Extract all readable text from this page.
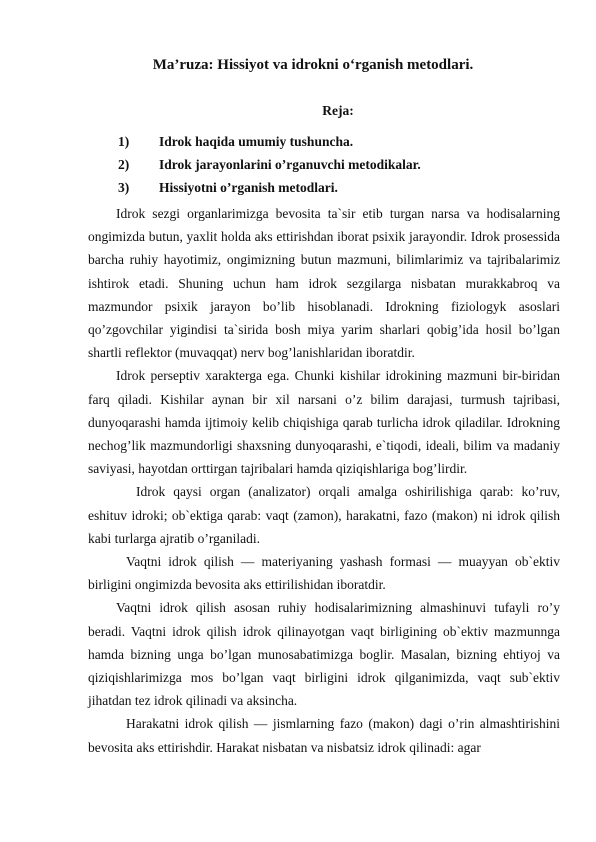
Ma’ruza: Hissiyot va idrokni o‘rganish metodlari.
Reja:
1) Idrok haqida umumiy tushuncha.
2) Idrok jarayonlarini o’rganuvchi metodikalar.
3) Hissiyotni o’rganish metodlari.

Idrok sezgi organlarimizga bevosita ta`sir etib turgan narsa va hodisalarning ongimizda butun, yaxlit holda aks ettirishdan iborat psixik jarayondir. Idrok prosessida barcha ruhiy hayotimiz, ongimizning butun mazmuni, bilimlarimiz va tajribalarimiz ishtirok etadi. Shuning uchun ham idrok sezgilarga nisbatan murakkabroq va mazmundor psixik jarayon bo’lib hisoblanadi. Idrokning fiziologyk asoslari qo’zgovchilar yigindisi ta`sirida bosh miya yarim sharlari qobig’ida hosil bo’lgan shartli reflektor (muvaqqat) nerv bog’lanishlaridan iboratdir.

Idrok perseptiv xarakterga ega. Chunki kishilar idrokining mazmuni bir-biridan farq qiladi. Kishilar aynan bir xil narsani o’z bilim darajasi, turmush tajribasi, dunyoqarashi hamda ijtimoiy kelib chiqishiga qarab turlicha idrok qiladilar. Idrokning nechog’lik mazmundorligi shaxsning dunyoqarashi, e`tiqodi, ideali, bilim va madaniy saviyasi, hayotdan orttirgan tajribalari hamda qiziqishlariga bog’lirdir.

Idrok qaysi organ (analizator) orqali amalga oshirilishiga qarab: ko’ruv, eshituv idroki; ob`ektiga qarab: vaqt (zamon), harakatni, fazo (makon) ni idrok qilish kabi turlarga ajratib o’rganiladi.

Vaqtni idrok qilish — materiyaning yashash formasi — muayyan ob`ektiv birligini ongimizda bevosita aks ettirilishidan iboratdir.

Vaqtni idrok qilish asosan ruhiy hodisalarimizning almashinuvi tufayli ro’y beradi. Vaqtni idrok qilish idrok qilinayotgan vaqt birligining ob`ektiv mazmunnga hamda bizning unga bo’lgan munosabatimizga boglir. Masalan, bizning ehtiyoj va qiziqishlarimizga mos bo’lgan vaqt birligini idrok qilganimizda, vaqt sub`ektiv jihatdan tez idrok qilinadi va aksincha.

Harakatni idrok qilish — jismlarning fazo (makon) dagi o’rin almashtirishini bevosita aks ettirishdir. Harakat nisbatan va nisbatsiz idrok qilinadi: agar
